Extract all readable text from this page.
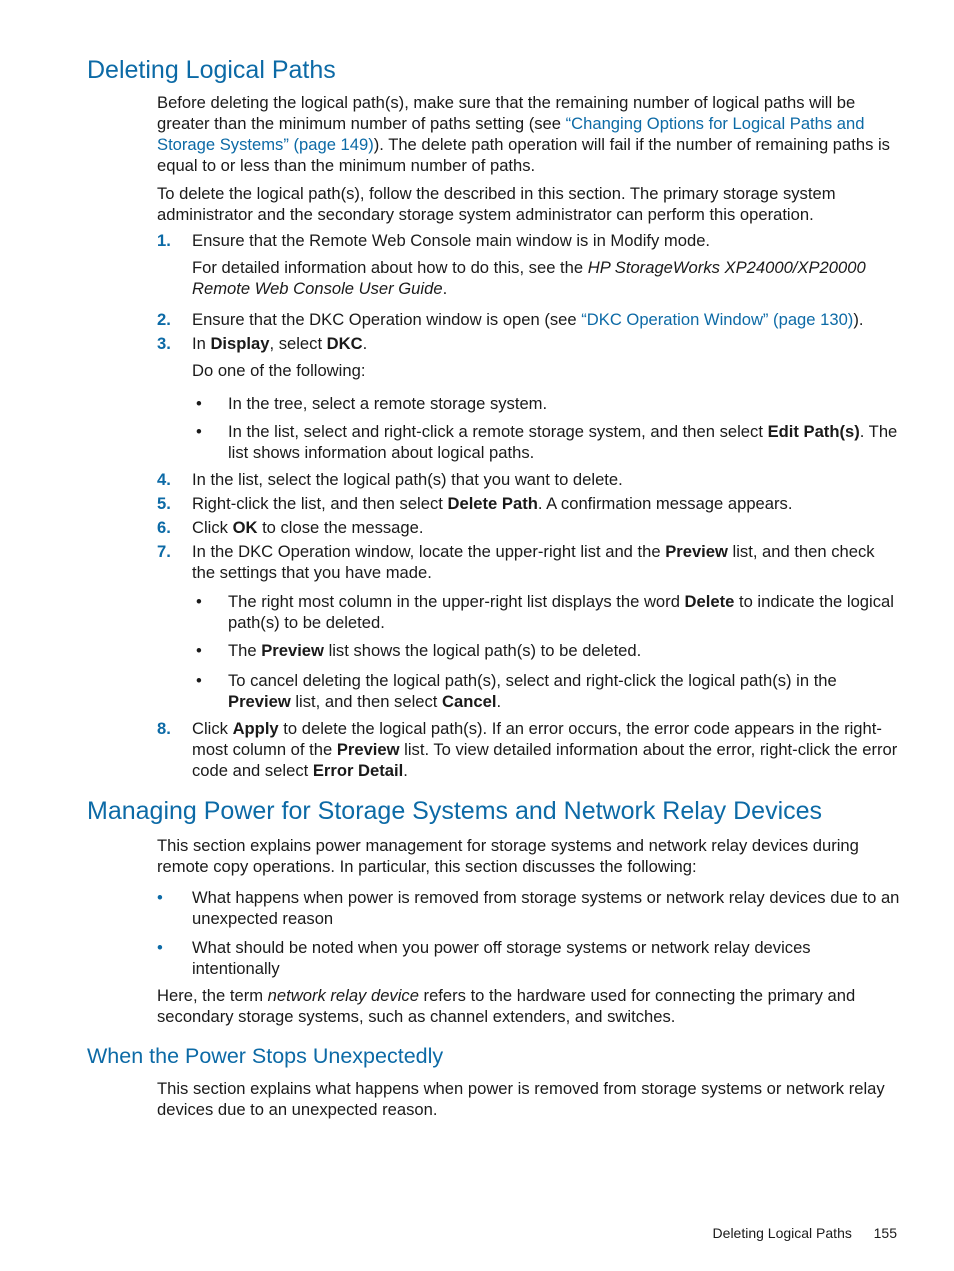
Deleting Logical Paths

Before deleting the logical path(s), make sure that the remaining number of logical paths will be greater than the minimum number of paths setting (see “Changing Options for Logical Paths and Storage Systems” (page 149)). The delete path operation will fail if the number of remaining paths is equal to or less than the minimum number of paths.

To delete the logical path(s), follow the described in this section. The primary storage system administrator and the secondary storage system administrator can perform this operation.

1. Ensure that the Remote Web Console main window is in Modify mode.

For detailed information about how to do this, see the HP StorageWorks XP24000/XP20000 Remote Web Console User Guide.

2. Ensure that the DKC Operation window is open (see “DKC Operation Window” (page 130)).
3. In Display, select DKC.

Do one of the following:

• In the tree, select a remote storage system.
• In the list, select and right-click a remote storage system, and then select Edit Path(s). The list shows information about logical paths.
4. In the list, select the logical path(s) that you want to delete.
5. Right-click the list, and then select Delete Path. A confirmation message appears.
6. Click OK to close the message.
7. In the DKC Operation window, locate the upper-right list and the Preview list, and then check the settings that you have made.
• The right most column in the upper-right list displays the word Delete to indicate the logical path(s) to be deleted.
• The Preview list shows the logical path(s) to be deleted.
• To cancel deleting the logical path(s), select and right-click the logical path(s) in the Preview list, and then select Cancel.
8. Click Apply to delete the logical path(s). If an error occurs, the error code appears in the right-most column of the Preview list. To view detailed information about the error, right-click the error code and select Error Detail.
Managing Power for Storage Systems and Network Relay Devices

This section explains power management for storage systems and network relay devices during remote copy operations. In particular, this section discusses the following:

• What happens when power is removed from storage systems or network relay devices due to an unexpected reason
• What should be noted when you power off storage systems or network relay devices intentionally

Here, the term network relay device refers to the hardware used for connecting the primary and secondary storage systems, such as channel extenders, and switches.

When the Power Stops Unexpectedly

This section explains what happens when power is removed from storage systems or network relay devices due to an unexpected reason.

Deleting Logical Paths 155
